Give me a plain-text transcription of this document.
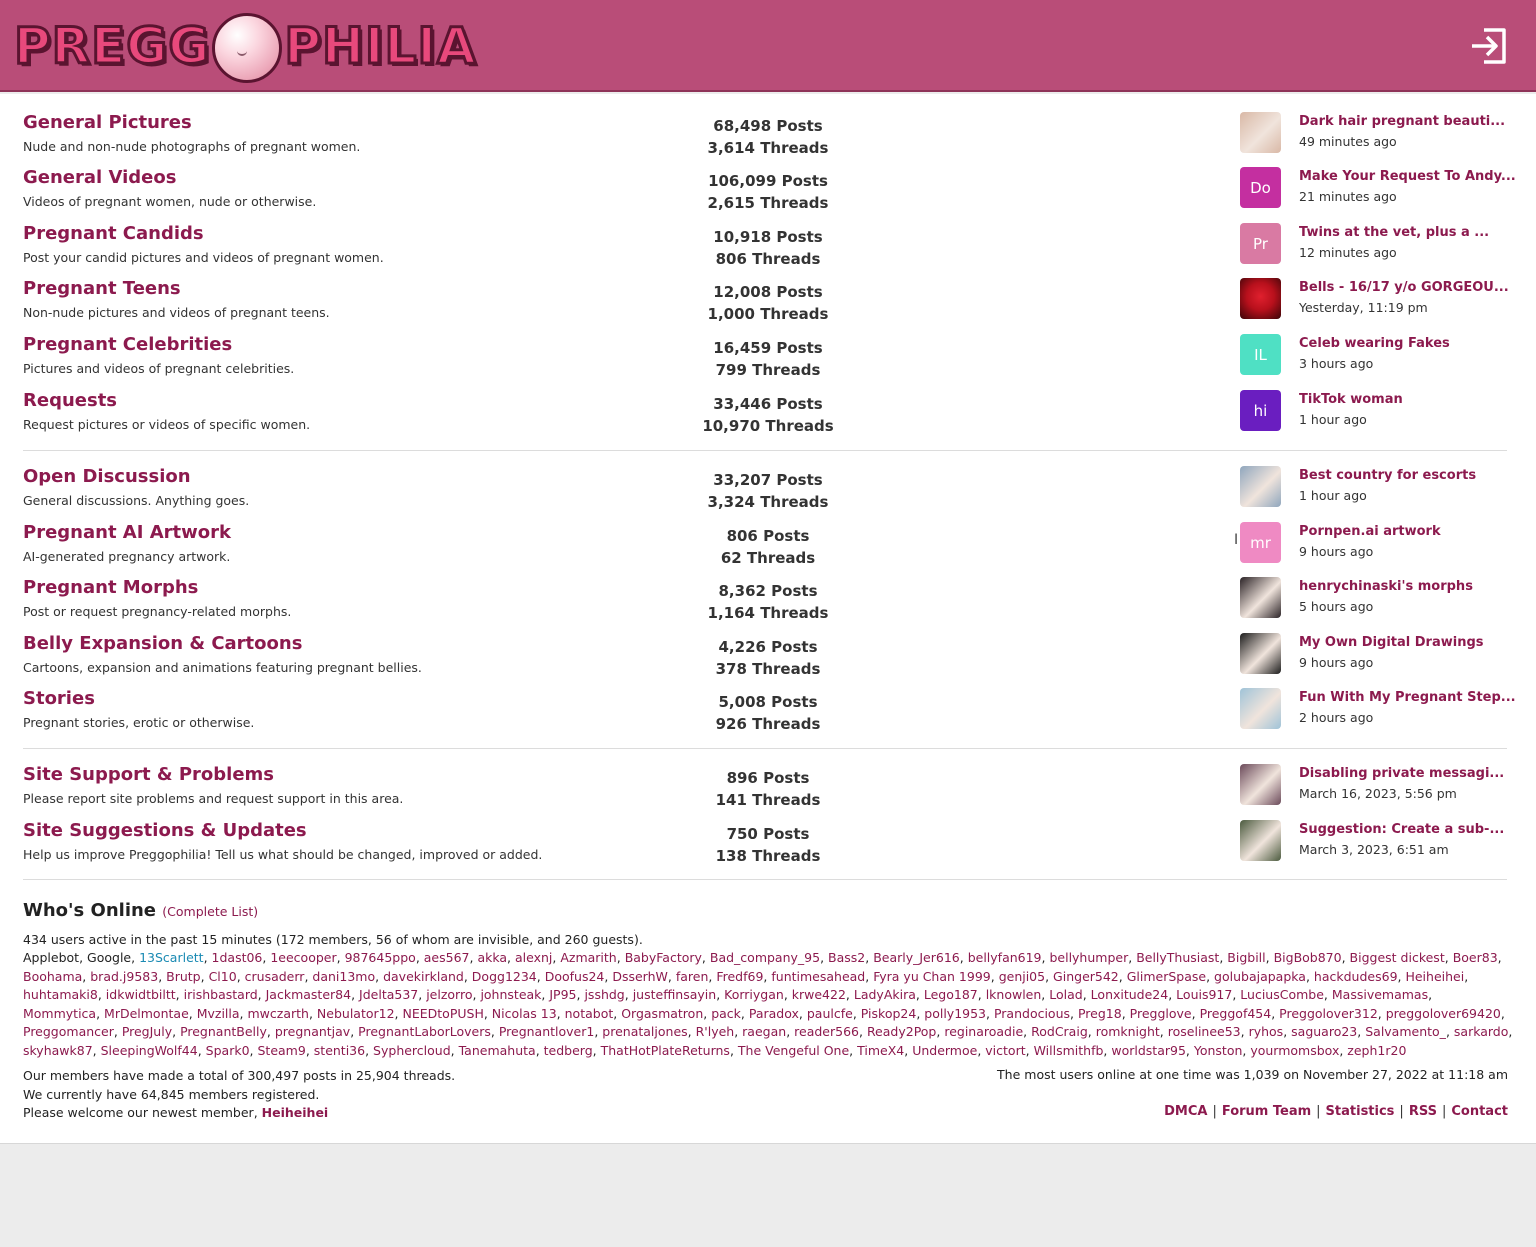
PREGG PHILIA
General Pictures
Nude and non-nude photographs of pregnant women.
68,498 Posts
3,614 Threads
Dark hair pregnant beauti...
49 minutes ago
General Videos
Videos of pregnant women, nude or otherwise.
106,099 Posts
2,615 Threads
Do
Make Your Request To Andy...
21 minutes ago
Pregnant Candids
Post your candid pictures and videos of pregnant women.
10,918 Posts
806 Threads
Pr
Twins at the vet, plus a ...
12 minutes ago
Pregnant Teens
Non-nude pictures and videos of pregnant teens.
12,008 Posts
1,000 Threads
Bells - 16/17 y/o GORGEOU...
Yesterday, 11:19 pm
Pregnant Celebrities
Pictures and videos of pregnant celebrities.
16,459 Posts
799 Threads
IL
Celeb wearing Fakes
3 hours ago
Requests
Request pictures or videos of specific women.
33,446 Posts
10,970 Threads
hi
TikTok woman
1 hour ago
Open Discussion
General discussions. Anything goes.
33,207 Posts
3,324 Threads
Best country for escorts
1 hour ago
Pregnant AI Artwork
AI-generated pregnancy artwork.
806 Posts
62 Threads
mr
Pornpen.ai artwork
9 hours ago
Pregnant Morphs
Post or request pregnancy-related morphs.
8,362 Posts
1,164 Threads
henrychinaski's morphs
5 hours ago
Belly Expansion & Cartoons
Cartoons, expansion and animations featuring pregnant bellies.
4,226 Posts
378 Threads
My Own Digital Drawings
9 hours ago
Stories
Pregnant stories, erotic or otherwise.
5,008 Posts
926 Threads
Fun With My Pregnant Step...
2 hours ago
Site Support & Problems
Please report site problems and request support in this area.
896 Posts
141 Threads
Disabling private messagi...
March 16, 2023, 5:56 pm
Site Suggestions & Updates
Help us improve Preggophilia! Tell us what should be changed, improved or added.
750 Posts
138 Threads
Suggestion: Create a sub-...
March 3, 2023, 6:51 am
Who's Online (Complete List)
434 users active in the past 15 minutes (172 members, 56 of whom are invisible, and 260 guests).
Applebot, Google, 13Scarlett, 1dast06, 1eecooper, 987645ppo, aes567, akka, alexnj, Azmarith, BabyFactory, Bad_company_95, Bass2, Bearly_Jer616, bellyfan619, bellyhumper, BellyThusiast, Bigbill, BigBob870, Biggest dickest, Boer83, Boohama, brad.j9583, Brutp, Cl10, crusaderr, dani13mo, davekirkland, Dogg1234, Doofus24, DsserhW, faren, Fredf69, funtimesahead, Fyra yu Chan 1999, genji05, Ginger542, GlimerSpase, golubajapapka, hackdudes69, Heiheihei, huhtamaki8, idkwidtbiltt, irishbastard, Jackmaster84, Jdelta537, jelzorro, johnsteak, JP95, jsshdg, justeffinsayin, Korriygan, krwe422, LadyAkira, Lego187, lknowlen, Lolad, Lonxitude24, Louis917, LuciusCombe, Massivemamas, Mommytica, MrDelmontae, Mvzilla, mwczarth, Nebulator12, NEEDtoPUSH, Nicolas 13, notabot, Orgasmatron, pack, Paradox, paulcfe, Piskop24, polly1953, Prandocious, Preg18, Pregglove, Preggof454, Preggolover312, preggolover69420, Preggomancer, PregJuly, PregnantBelly, pregnantjav, PregnantLaborLovers, Pregnantlover1, prenataljones, R'lyeh, raegan, reader566, Ready2Pop, reginaroadie, RodCraig, romknight, roselinee53, ryhos, saguaro23, Salvamento_, sarkardo, skyhawk87, SleepingWolf44, Spark0, Steam9, stenti36, Syphercloud, Tanemahuta, tedberg, ThatHotPlateReturns, The Vengeful One, TimeX4, Undermoe, victort, Willsmithfb, worldstar95, Yonston, yourmomsbox, zeph1r20
Our members have made a total of 300,497 posts in 25,904 threads.
We currently have 64,845 members registered.
Please welcome our newest member, Heiheihei
The most users online at one time was 1,039 on November 27, 2022 at 11:18 am
DMCA | Forum Team | Statistics | RSS | Contact
I
